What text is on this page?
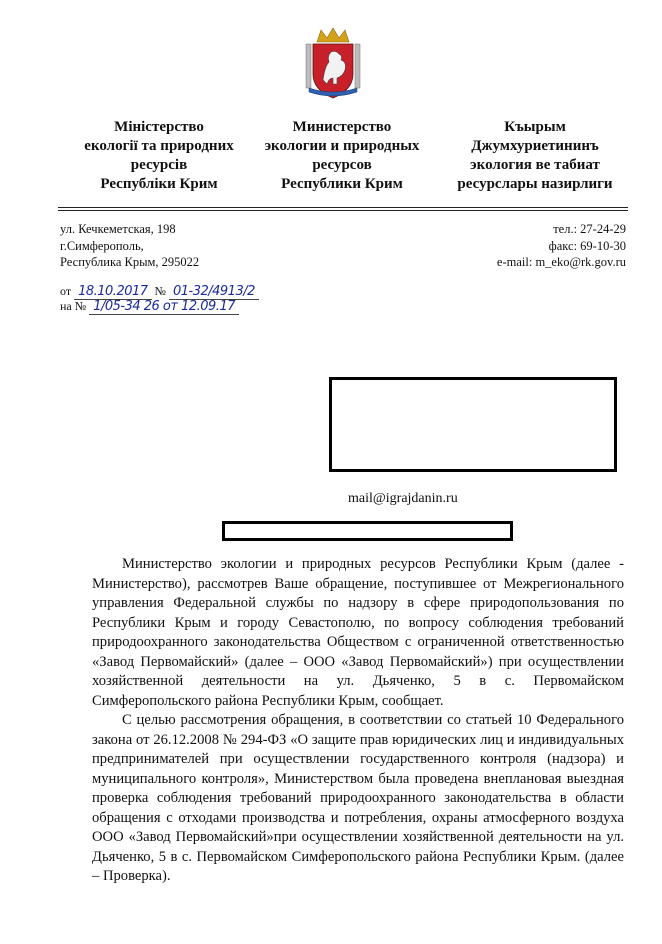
Міністерство
екології та природних
ресурсів
Республіки Крим
Министерство
экологии и природных
ресурсов
Республики Крим
Къырым
Джумхуриетининъ
экология ве табиат
ресурслары назирлиги
ул. Кечкеметская, 198
г.Симферополь,
Республика Крым, 295022
тел.: 27-24-29
факс: 69-10-30
e-mail: m_eko@rk.gov.ru
от 18.10.2017 № 01-32/4913/2
на № 1/05-34 26 от 12.09.17
mail@igrajdanin.ru

Министерство экологии и природных ресурсов Республики Крым (далее - Министерство), рассмотрев Ваше обращение, поступившее от Межрегионального управления Федеральной службы по надзору в сфере природопользования по Республики Крым и городу Севастополю, по вопросу соблюдения требований природоохранного законодательства Обществом с ограниченной ответственностью «Завод Первомайский» (далее – ООО «Завод Первомайский») при осуществлении хозяйственной деятельности на ул. Дьяченко, 5 в с. Первомайском Симферопольского района Республики Крым, сообщает.

С целью рассмотрения обращения, в соответствии со статьей 10 Федерального закона от 26.12.2008 № 294-ФЗ «О защите прав юридических лиц и индивидуальных предпринимателей при осуществлении государственного контроля (надзора) и муниципального контроля», Министерством была проведена внеплановая выездная проверка соблюдения требований природоохранного законодательства в области обращения с отходами производства и потребления, охраны атмосферного воздуха ООО «Завод Первомайский»при осуществлении хозяйственной деятельности на ул. Дьяченко, 5 в с. Первомайском Симферопольского района Республики Крым. (далее – Проверка).
